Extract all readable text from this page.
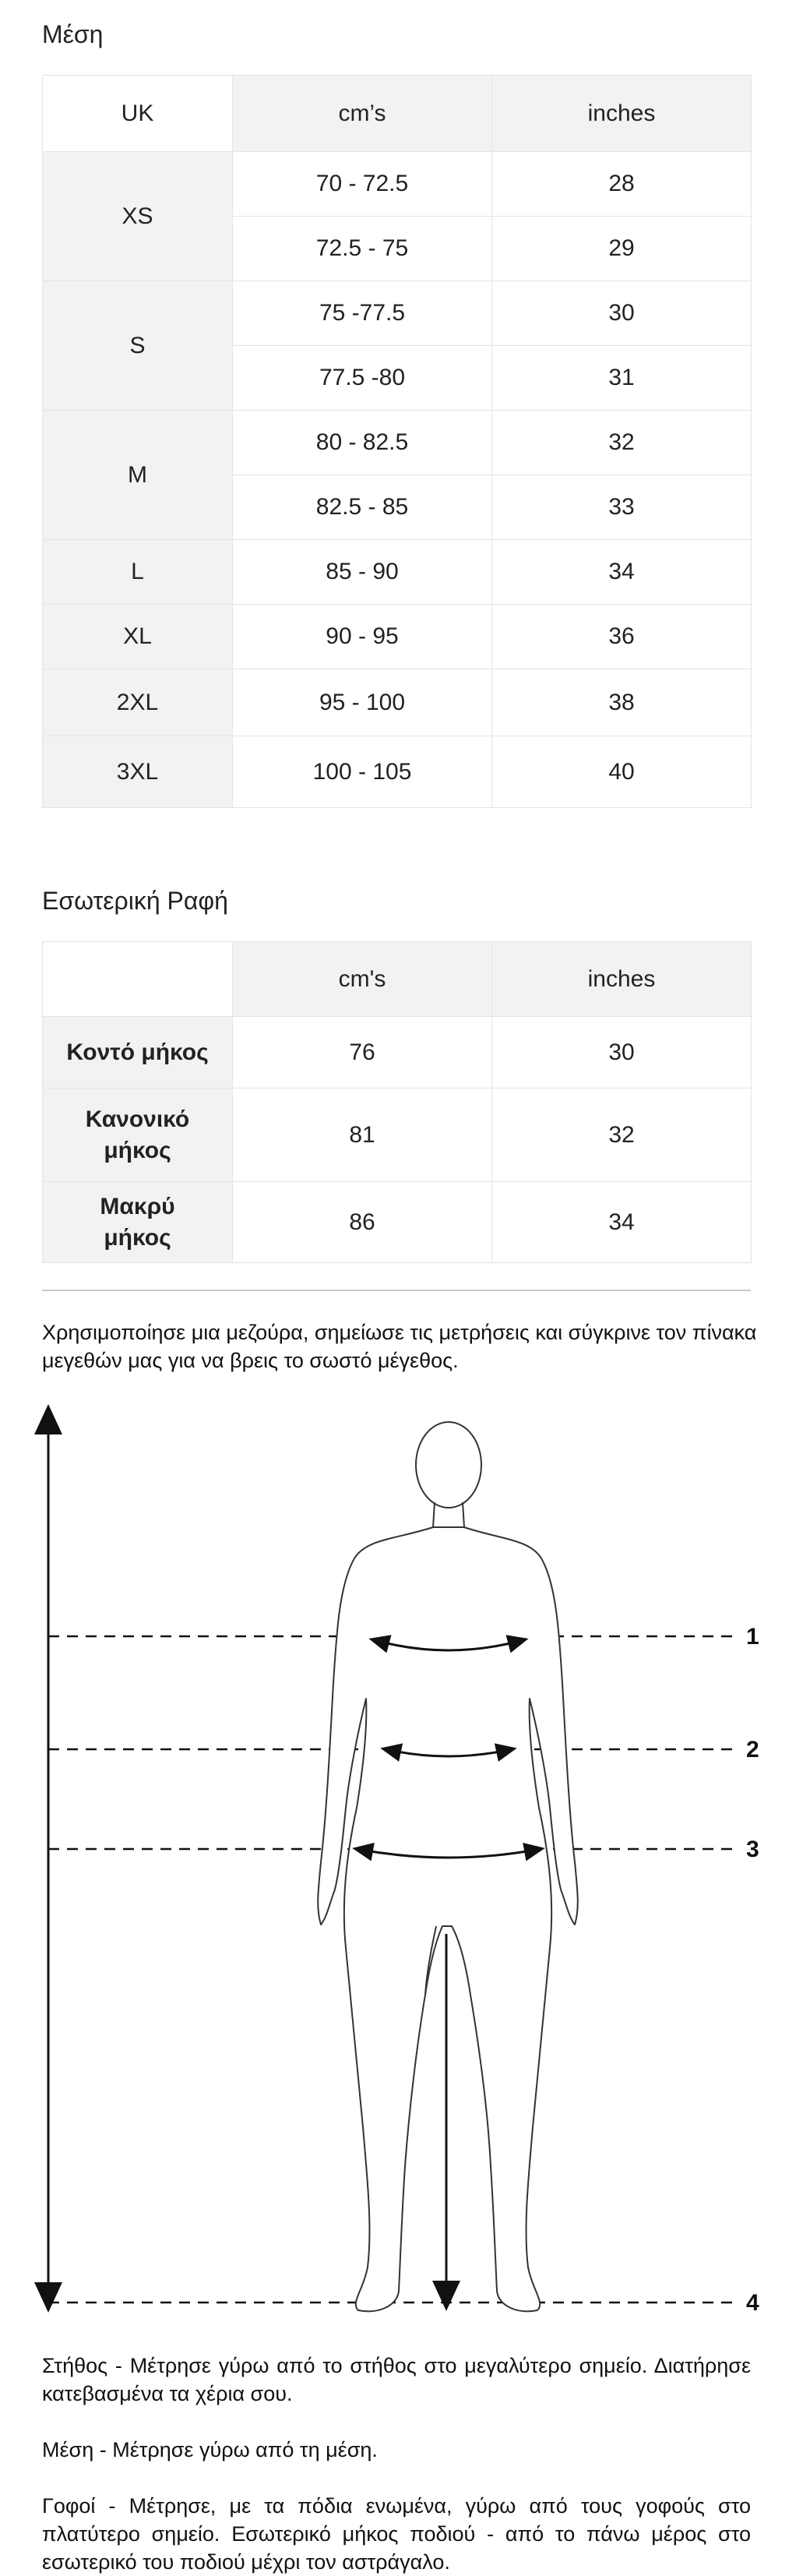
Μέση
UK	cm’s	inches
XS	70 - 72.5	28
	72.5 - 75	29
S	75 -77.5	30
	77.5 -80	31
M	80 - 82.5	32
	82.5 - 85	33
L	85 - 90	34
XL	90 - 95	36
2XL	95 - 100	38
3XL	100 - 105	40
Εσωτερική Ραφή
	cm's	inches
Κοντό μήκος	76	30
Κανονικό μήκος	81	32
Μακρύ μήκος	86	34
Χρησιμοποίησε μια μεζούρα, σημείωσε τις μετρήσεις και σύγκρινε τον πίνακα μεγεθών μας για να βρεις το σωστό μέγεθος.
1
2
3
4
Στήθος - Μέτρησε γύρω από το στήθος στο μεγαλύτερο σημείο. Διατήρησε κατεβασμένα τα χέρια σου.
Μέση - Μέτρησε γύρω από τη μέση.
Γοφοί - Μέτρησε, με τα πόδια ενωμένα, γύρω από τους γοφούς στο πλατύτερο σημείο. Εσωτερικό μήκος ποδιού - από το πάνω μέρος στο εσωτερικό του ποδιού μέχρι τον αστράγαλο.
